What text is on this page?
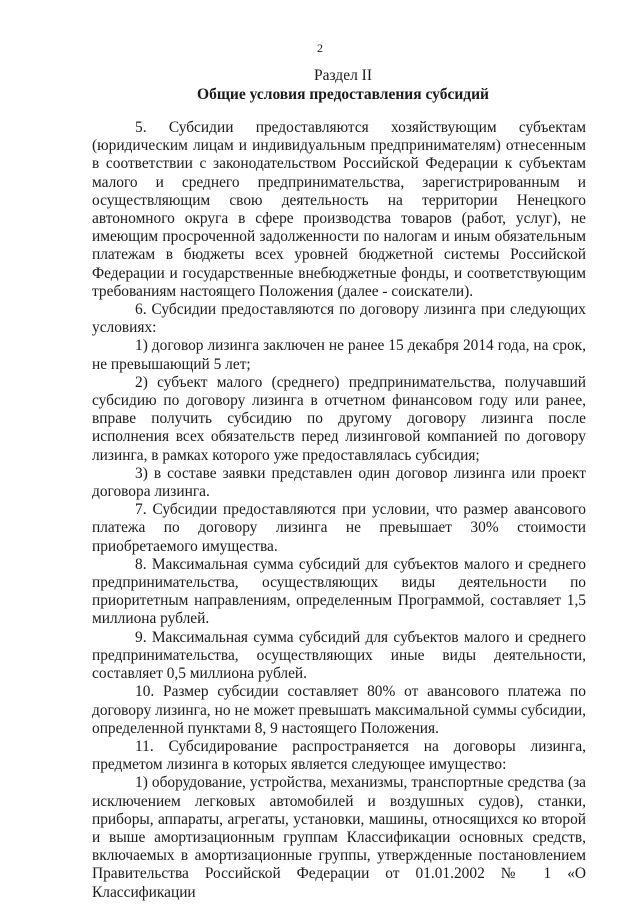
2
Раздел II
Общие условия предоставления субсидий

5. Субсидии предоставляются хозяйствующим субъектам (юридическим лицам и индивидуальным предпринимателям) отнесенным в соответствии с законодательством Российской Федерации к субъектам малого и среднего предпринимательства, зарегистрированным и осуществляющим свою деятельность на территории Ненецкого автономного округа в сфере производства товаров (работ, услуг), не имеющим просроченной задолженности по налогам и иным обязательным платежам в бюджеты всех уровней бюджетной системы Российской Федерации и государственные внебюджетные фонды, и соответствующим требованиям настоящего Положения (далее - соискатели).

6. Субсидии предоставляются по договору лизинга при следующих условиях:

1) договор лизинга заключен не ранее 15 декабря 2014 года, на срок, не превышающий 5 лет;

2) субъект малого (среднего) предпринимательства, получавший субсидию по договору лизинга в отчетном финансовом году или ранее, вправе получить субсидию по другому договору лизинга после исполнения всех обязательств перед лизинговой компанией по договору лизинга, в рамках которого уже предоставлялась субсидия;

3) в составе заявки представлен один договор лизинга или проект договора лизинга.

7. Субсидии предоставляются при условии, что размер авансового платежа по договору лизинга не превышает 30% стоимости приобретаемого имущества.

8. Максимальная сумма субсидий для субъектов малого и среднего предпринимательства, осуществляющих виды деятельности по приоритетным направлениям, определенным Программой, составляет 1,5 миллиона рублей.

9. Максимальная сумма субсидий для субъектов малого и среднего предпринимательства, осуществляющих иные виды деятельности, составляет 0,5 миллиона рублей.

10. Размер субсидии составляет 80% от авансового платежа по договору лизинга, но не может превышать максимальной суммы субсидии, определенной пунктами 8, 9 настоящего Положения.

11. Субсидирование распространяется на договоры лизинга, предметом лизинга в которых является следующее имущество:

1) оборудование, устройства, механизмы, транспортные средства (за исключением легковых автомобилей и воздушных судов), станки, приборы, аппараты, агрегаты, установки, машины, относящихся ко второй и выше амортизационным группам Классификации основных средств, включаемых в амортизационные группы, утвержденные постановлением Правительства Российской Федерации от 01.01.2002 № 1 «О Классификации
